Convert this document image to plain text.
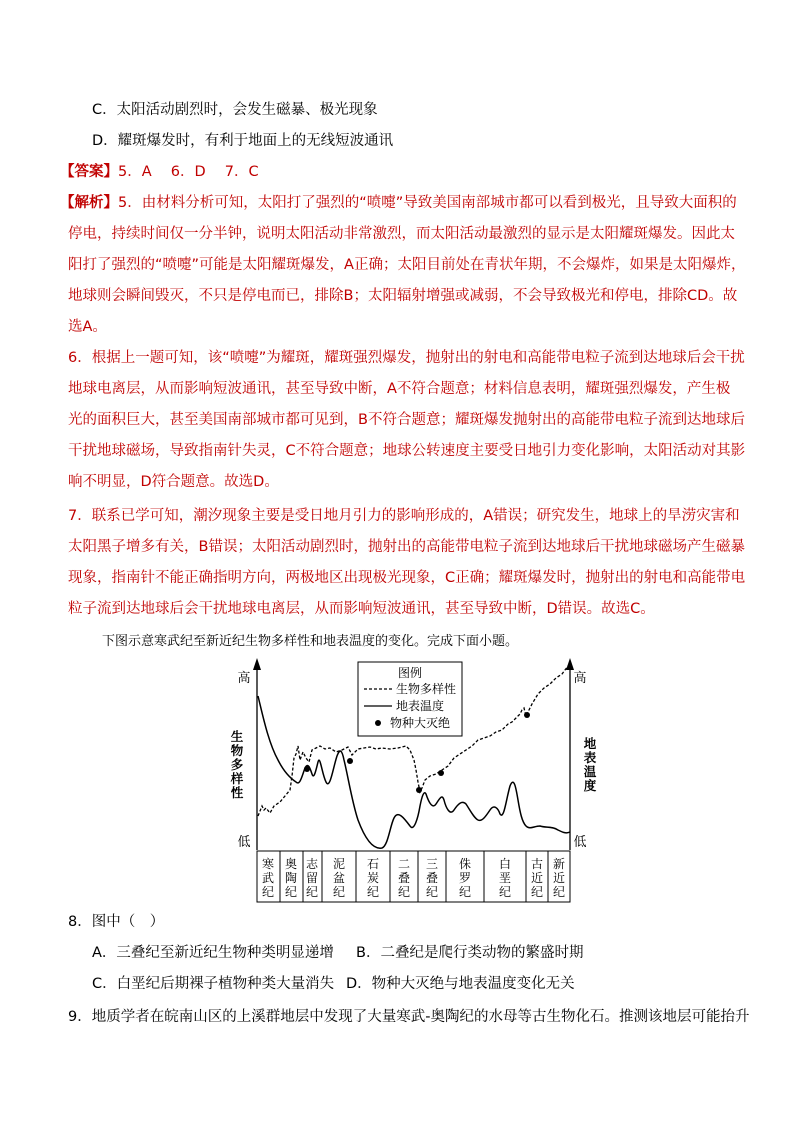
C．太阳活动剧烈时，会发生磁暴、极光现象
D．耀斑爆发时，有利于地面上的无线短波通讯
【答案】5．A　 6．D　 7．C
【解析】5．由材料分析可知，太阳打了强烈的“喷嚏”导致美国南部城市都可以看到极光，且导致大面积的
停电，持续时间仅一分半钟，说明太阳活动非常激烈，而太阳活动最激烈的显示是太阳耀斑爆发。因此太
阳打了强烈的“喷嚏”可能是太阳耀斑爆发，A正确；太阳目前处在青状年期，不会爆炸，如果是太阳爆炸，
地球则会瞬间毁灭，不只是停电而已，排除B；太阳辐射增强或减弱，不会导致极光和停电，排除CD。故
选A。
6．根据上一题可知，该“喷嚏”为耀斑，耀斑强烈爆发，抛射出的射电和高能带电粒子流到达地球后会干扰
地球电离层，从而影响短波通讯，甚至导致中断，A不符合题意；材料信息表明，耀斑强烈爆发，产生极
光的面积巨大，甚至美国南部城市都可见到，B不符合题意；耀斑爆发抛射出的高能带电粒子流到达地球后
干扰地球磁场，导致指南针失灵，C不符合题意；地球公转速度主要受日地引力变化影响，太阳活动对其影
响不明显，D符合题意。故选D。
7．联系已学可知，潮汐现象主要是受日地月引力的影响形成的，A错误；研究发生，地球上的旱涝灾害和
太阳黑子增多有关，B错误；太阳活动剧烈时，抛射出的高能带电粒子流到达地球后干扰地球磁场产生磁暴
现象，指南针不能正确指明方向，两极地区出现极光现象，C正确；耀斑爆发时，抛射出的射电和高能带电
粒子流到达地球后会干扰地球电离层，从而影响短波通讯，甚至导致中断，D错误。故选C。
下图示意寒武纪至新近纪生物多样性和地表温度的变化。完成下面小题。
高
低
生
物
多
样
性
高
低
地
表
温
度
图例
生物多样性
地表温度
物种大灭绝
寒
武
纪
奥
陶
纪
志
留
纪
泥
盆
纪
石
炭
纪
二
叠
纪
三
叠
纪
侏
罗
纪
白
垩
纪
古
近
纪
新
近
纪
8．图中（　）
A．三叠纪至新近纪生物种类明显递增 B．二叠纪是爬行类动物的繁盛时期
C．白垩纪后期裸子植物种类大量消失 D．物种大灭绝与地表温度变化无关
9．地质学者在皖南山区的上溪群地层中发现了大量寒武-奥陶纪的水母等古生物化石。推测该地层可能抬升
